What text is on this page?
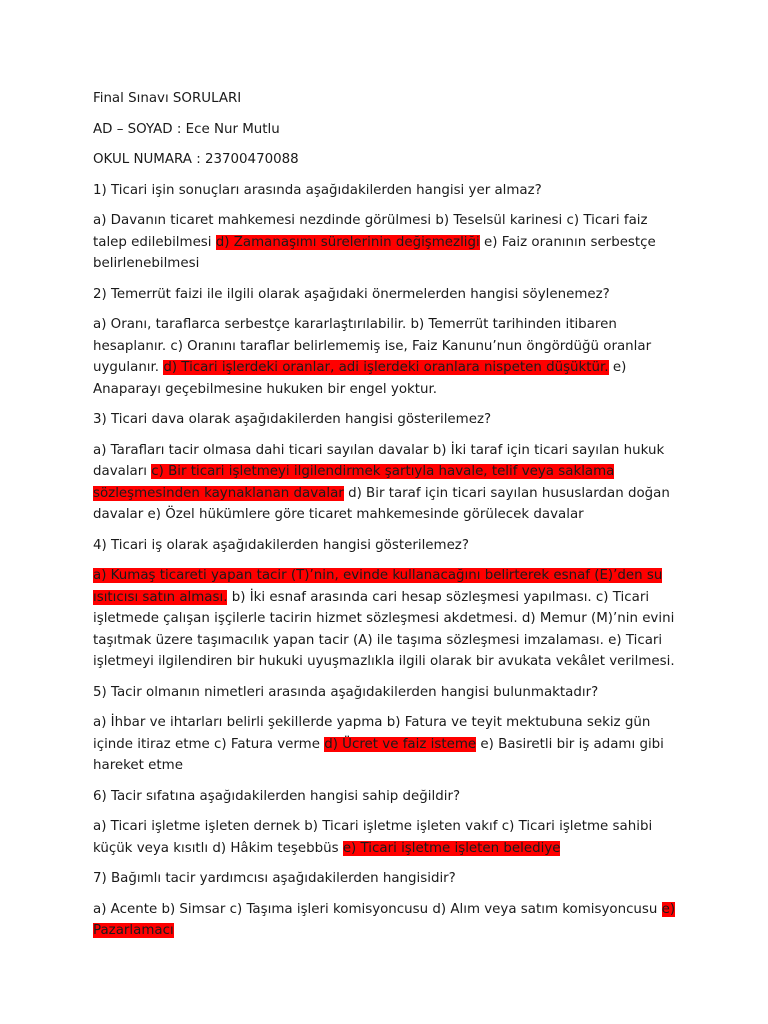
Final Sınavı SORULARI

AD – SOYAD : Ece Nur Mutlu

OKUL NUMARA : 23700470088

1) Ticari işin sonuçları arasında aşağıdakilerden hangisi yer almaz?

a) Davanın ticaret mahkemesi nezdinde görülmesi b) Teselsül karinesi c) Ticari faiz talep edilebilmesi d) Zamanaşımı sürelerinin değişmezliği e) Faiz oranının serbestçe belirlenebilmesi

2) Temerrüt faizi ile ilgili olarak aşağıdaki önermelerden hangisi söylenemez?

a) Oranı, taraflarca serbestçe kararlaştırılabilir. b) Temerrüt tarihinden itibaren hesaplanır. c) Oranını taraflar belirlememiş ise, Faiz Kanunu’nun öngördüğü oranlar uygulanır. d) Ticari işlerdeki oranlar, adi işlerdeki oranlara nispeten düşüktür. e) Anaparayı geçebilmesine hukuken bir engel yoktur.

3) Ticari dava olarak aşağıdakilerden hangisi gösterilemez?

a) Tarafları tacir olmasa dahi ticari sayılan davalar b) İki taraf için ticari sayılan hukuk davaları c) Bir ticari işletmeyi ilgilendirmek şartıyla havale, telif veya saklama sözleşmesinden kaynaklanan davalar d) Bir taraf için ticari sayılan hususlardan doğan davalar e) Özel hükümlere göre ticaret mahkemesinde görülecek davalar

4) Ticari iş olarak aşağıdakilerden hangisi gösterilemez?

a) Kumaş ticareti yapan tacir (T)’nin, evinde kullanacağını belirterek esnaf (E)’den su ısıtıcısı satın alması. b) İki esnaf arasında cari hesap sözleşmesi yapılması. c) Ticari işletmede çalışan işçilerle tacirin hizmet sözleşmesi akdetmesi. d) Memur (M)’nin evini taşıtmak üzere taşımacılık yapan tacir (A) ile taşıma sözleşmesi imzalaması. e) Ticari işletmeyi ilgilendiren bir hukuki uyuşmazlıkla ilgili olarak bir avukata vekâlet verilmesi.

5) Tacir olmanın nimetleri arasında aşağıdakilerden hangisi bulunmaktadır?

a) İhbar ve ihtarları belirli şekillerde yapma b) Fatura ve teyit mektubuna sekiz gün içinde itiraz etme c) Fatura verme d) Ücret ve faiz isteme e) Basiretli bir iş adamı gibi hareket etme

6) Tacir sıfatına aşağıdakilerden hangisi sahip değildir?

a) Ticari işletme işleten dernek b) Ticari işletme işleten vakıf c) Ticari işletme sahibi küçük veya kısıtlı d) Hâkim teşebbüs e) Ticari işletme işleten belediye

7) Bağımlı tacir yardımcısı aşağıdakilerden hangisidir?

a) Acente b) Simsar c) Taşıma işleri komisyoncusu d) Alım veya satım komisyoncusu e) Pazarlamacı
